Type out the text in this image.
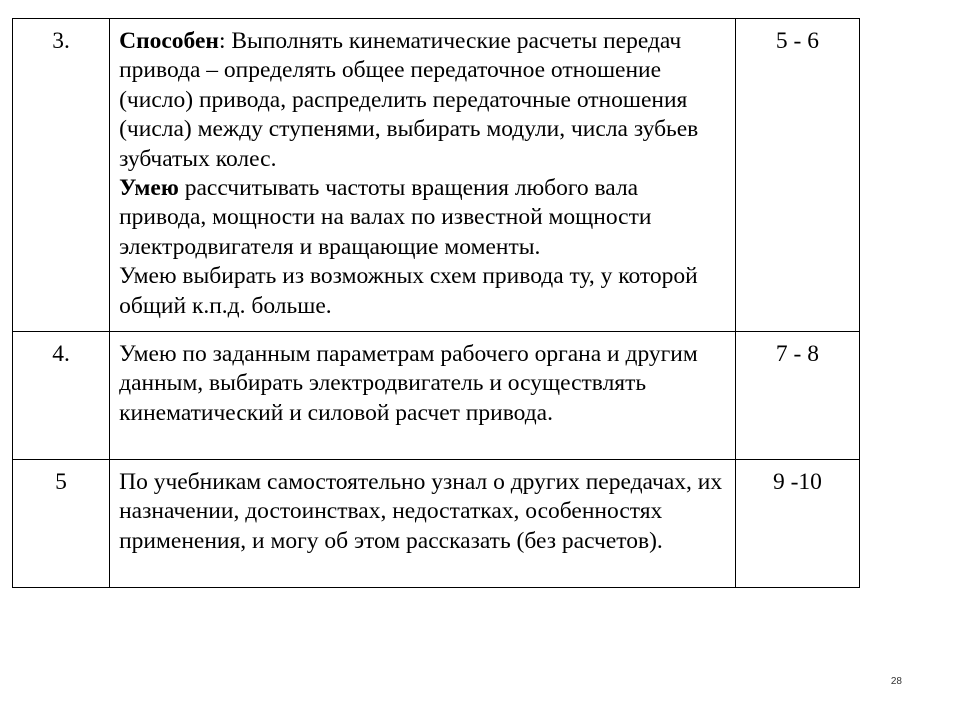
3.	Способен: Выполнять кинематические расчеты передач привода – определять общее передаточное отношение (число) привода, распределить передаточные отношения (числа) между ступенями, выбирать модули, числа зубьев зубчатых колес.
Умею рассчитывать частоты вращения любого вала привода, мощности на валах по известной мощности электродвигателя и вращающие моменты.
Умею выбирать из возможных схем привода ту, у которой общий к.п.д. больше.	5 - 6
4.	Умею по заданным параметрам рабочего органа и другим данным, выбирать электродвигатель и осуществлять кинематический и силовой расчет привода.	7 - 8
5	По учебникам самостоятельно узнал о других передачах, их назначении, достоинствах, недостатках, особенностях применения, и могу об этом рассказать (без расчетов).	9 -10
28
